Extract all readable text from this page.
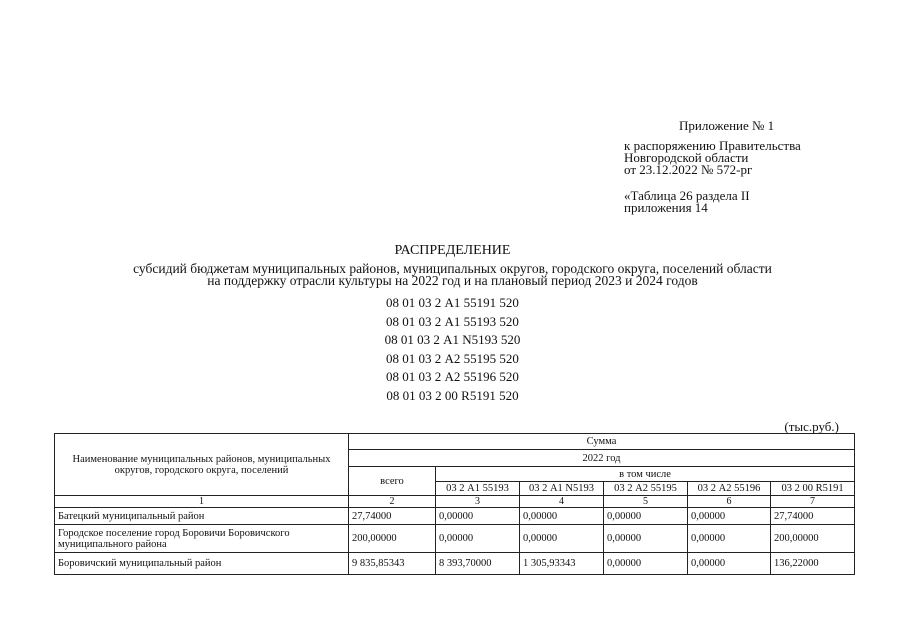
Приложение № 1
к распоряжению Правительства
Новгородской области
от 23.12.2022 № 572-рг
«Таблица 26 раздела II
приложения 14
РАСПРЕДЕЛЕНИЕ
субсидий бюджетам муниципальных районов, муниципальных округов, городского округа, поселений области
на поддержку отрасли культуры на 2022 год и на плановый период 2023 и 2024 годов
08 01 03 2 А1 55191 520
08 01 03 2 А1 55193 520
08 01 03 2 А1 N5193 520
08 01 03 2 А2 55195 520
08 01 03 2 А2 55196 520
08 01 03 2 00 R5191 520
(тыс.руб.)
Наименование муниципальных районов, муниципальных округов, городского округа, поселений	Сумма					
	2022 год					
	всего	в том числе				
		03 2 А1 55193	03 2 А1 N5193	03 2 А2 55195	03 2 А2 55196	03 2 00 R5191
1	2	3	4	5	6	7
Батецкий муниципальный район	27,74000	0,00000	0,00000	0,00000	0,00000	27,74000
Городское поселение город Боровичи Боровичского муниципального района	200,00000	0,00000	0,00000	0,00000	0,00000	200,00000
Боровичский муниципальный район	9 835,85343	8 393,70000	1 305,93343	0,00000	0,00000	136,22000
